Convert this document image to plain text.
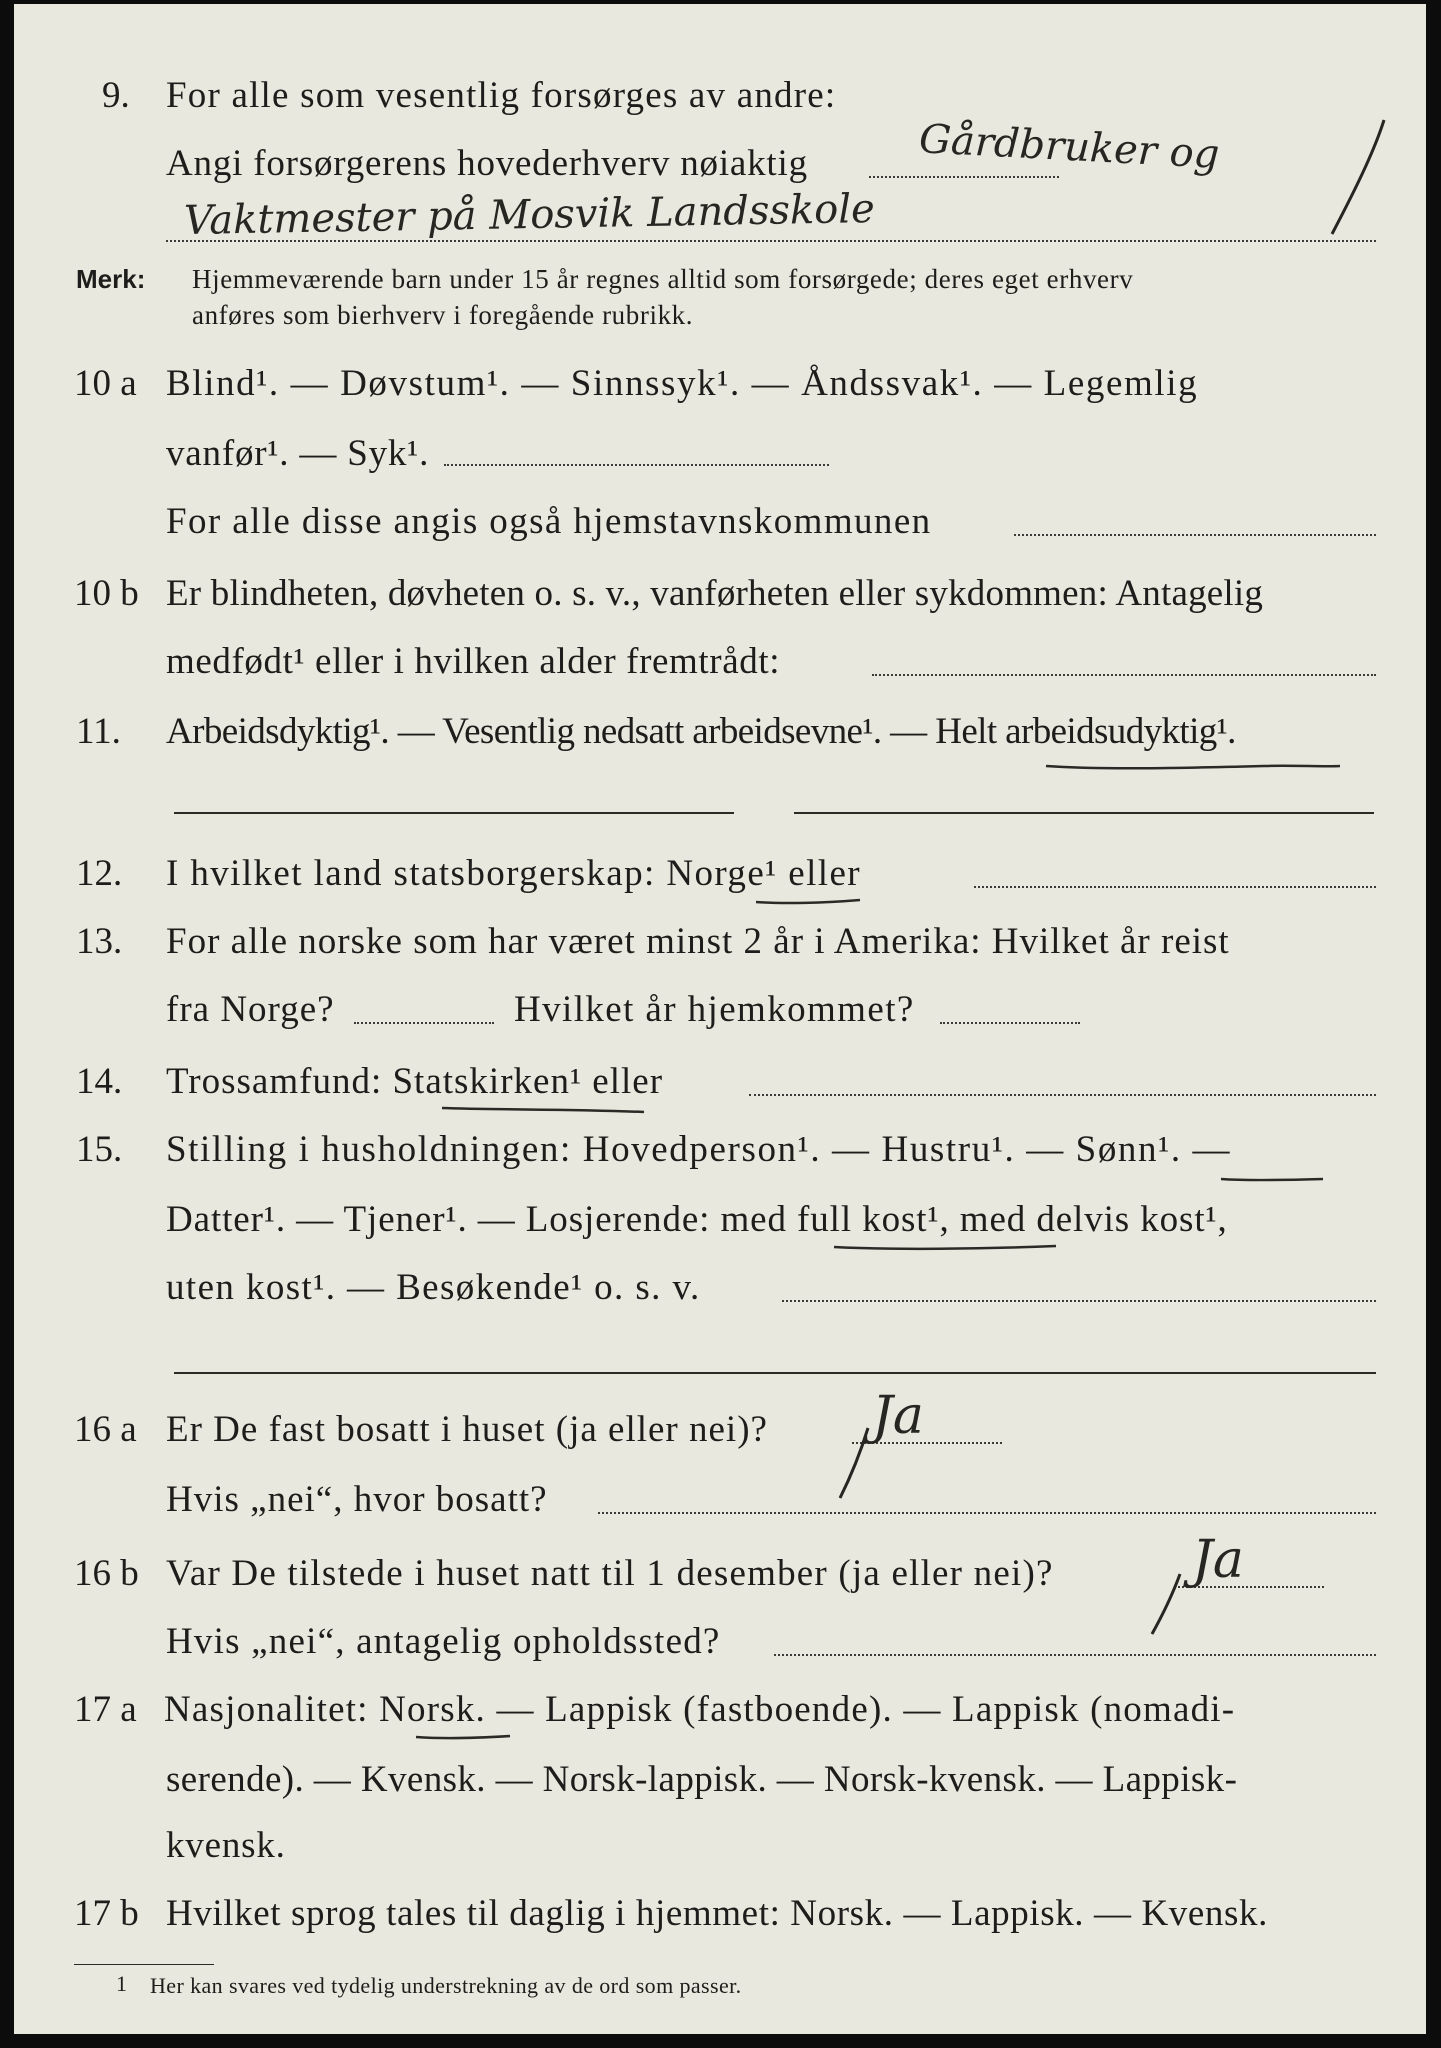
9. For alle som vesentlig forsørges av andre:
Angi forsørgerens hovederhverv nøiaktig	Gårdbruker og
Vaktmester på Mosvik Landsskole
Merk: Hjemmeværende barn under 15 år regnes alltid som forsørgede; deres eget erhverv
anføres som bierhverv i foregående rubrikk.
10 a Blind¹. — Døvstum¹. — Sinnssyk¹. — Åndssvak¹. — Legemlig
vanfør¹. — Syk¹.
For alle disse angis også hjemstavnskommunen
10 b Er blindheten, døvheten o. s. v., vanførheten eller sykdommen: Antagelig
medfødt¹ eller i hvilken alder fremtrådt:
11. Arbeidsdyktig¹. — Vesentlig nedsatt arbeidsevne¹. — Helt arbeidsudyktig¹.
12. I hvilket land statsborgerskap: Norge¹ eller
13. For alle norske som har været minst 2 år i Amerika: Hvilket år reist
fra Norge?	Hvilket år hjemkommet?
14. Trossamfund: Statskirken¹ eller
15. Stilling i husholdningen: Hovedperson¹. — Hustru¹. — Sønn¹. —
Datter¹. — Tjener¹. — Losjerende: med full kost¹, med delvis kost¹,
uten kost¹. — Besøkende¹ o. s. v.
16 a Er De fast bosatt i huset (ja eller nei)? Ja
Hvis „nei“, hvor bosatt?
16 b Var De tilstede i huset natt til 1 desember (ja eller nei)?	Ja
Hvis „nei“, antagelig opholdssted?
17 a Nasjonalitet: Norsk. — Lappisk (fastboende). — Lappisk (nomadi-
serende). — Kvensk. — Norsk-lappisk. — Norsk-kvensk. — Lappisk-
kvensk.
17 b Hvilket sprog tales til daglig i hjemmet: Norsk. — Lappisk. — Kvensk.
1 Her kan svares ved tydelig understrekning av de ord som passer.
